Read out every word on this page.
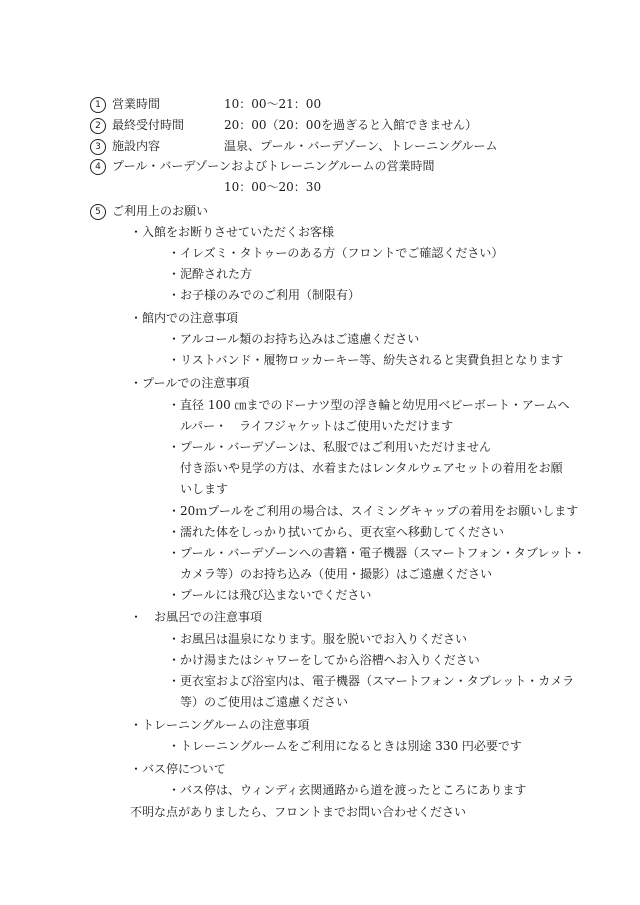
1 営業時間	10：00～21：00
2 最終受付時間	20：00（20：00を過ぎると入館できません）
3 施設内容	温泉、プール・バーデゾーン、トレーニングルーム
4 プール・バーデゾーンおよびトレーニングルームの営業時間
10：00～20：30
5 ご利用上のお願い
・入館をお断りさせていただくお客様
・イレズミ・タトゥーのある方（フロントでご確認ください）
・泥酔された方
・お子様のみでのご利用（制限有）
・館内での注意事項
・アルコール類のお持ち込みはご遠慮ください
・リストバンド・履物ロッカーキー等、紛失されると実費負担となります
・プールでの注意事項
・直径 100 ㎝までのドーナツ型の浮き輪と幼児用ベビーボート・アームヘ
ルパー・　ライフジャケットはご使用いただけます
・プール・バーデゾーンは、私服ではご利用いただけません
付き添いや見学の方は、水着またはレンタルウェアセットの着用をお願
いします
・20ｍプールをご利用の場合は、スイミングキャップの着用をお願いします
・濡れた体をしっかり拭いてから、更衣室へ移動してください
・プール・バーデゾーンへの書籍・電子機器（スマートフォン・タブレット・
カメラ等）のお持ち込み（使用・撮影）はご遠慮ください
・プールには飛び込まないでください
・　お風呂での注意事項
・お風呂は温泉になります。服を脱いでお入りください
・かけ湯またはシャワーをしてから浴槽へお入りください
・更衣室および浴室内は、電子機器（スマートフォン・タブレット・カメラ
等）のご使用はご遠慮ください
・トレーニングルームの注意事項
・トレーニングルームをご利用になるときは別途 330 円必要です
・バス停について
・バス停は、ウィンディ玄関通路から道を渡ったところにあります
不明な点がありましたら、フロントまでお問い合わせください
